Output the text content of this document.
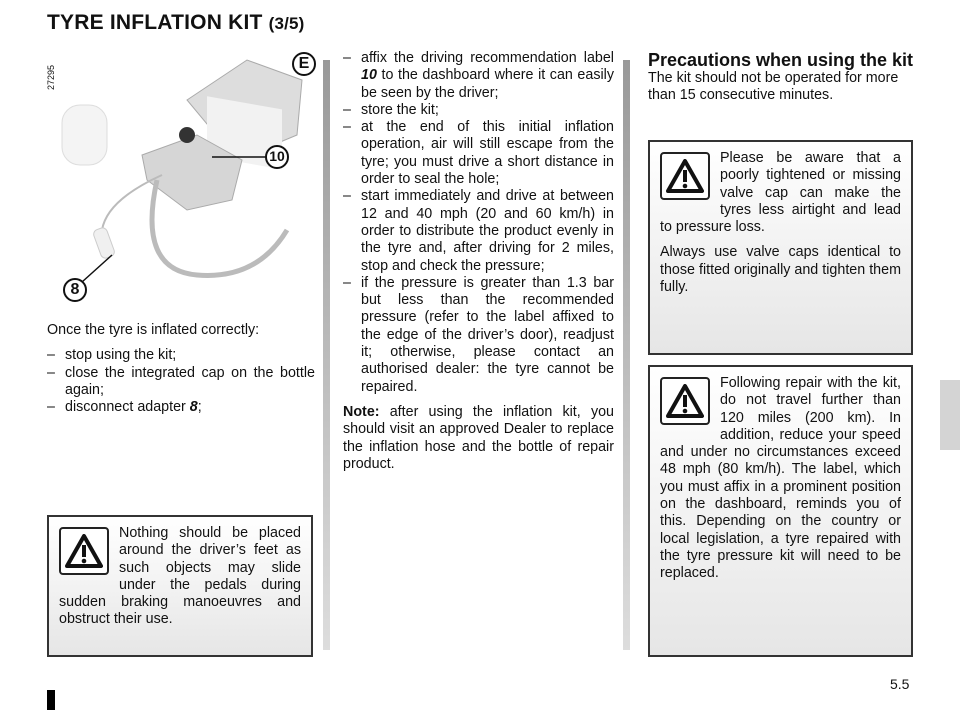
TYRE INFLATION KIT (3/5)
27295
E
10
8

Once the tyre is inflated correctly:

– stop using the kit;
– close the integrated cap on the bottle again;
– disconnect adapter 8;

Nothing should be placed around the driver’s feet as such objects may slide under the pedals during sudden braking manoeuvres and obstruct their use.

– affix the driving recommendation label 10 to the dashboard where it can easily be seen by the driver;
– store the kit;
– at the end of this initial inflation operation, air will still escape from the tyre; you must drive a short distance in order to seal the hole;
– start immediately and drive at between 12 and 40 mph (20 and 60 km/h) in order to distribute the product evenly in the tyre and, after driving for 2 miles, stop and check the pressure;
– if the pressure is greater than 1.3 bar but less than the recommended pressure (refer to the label affixed to the edge of the driver’s door), readjust it; otherwise, please contact an authorised dealer: the tyre cannot be repaired.

Note: after using the inflation kit, you should visit an approved Dealer to replace the inflation hose and the bottle of repair product.

Precautions when using the kit

The kit should not be operated for more than 15 consecutive minutes.

Please be aware that a poorly tightened or missing valve cap can make the tyres less airtight and lead to pressure loss.

Always use valve caps identical to those fitted originally and tighten them fully.

Following repair with the kit, do not travel further than 120 miles (200 km). In addition, reduce your speed and under no circumstances exceed 48 mph (80 km/h). The label, which you must affix in a prominent position on the dashboard, reminds you of this. Depending on the country or local legislation, a tyre repaired with the tyre pressure kit will need to be replaced.

5.5
